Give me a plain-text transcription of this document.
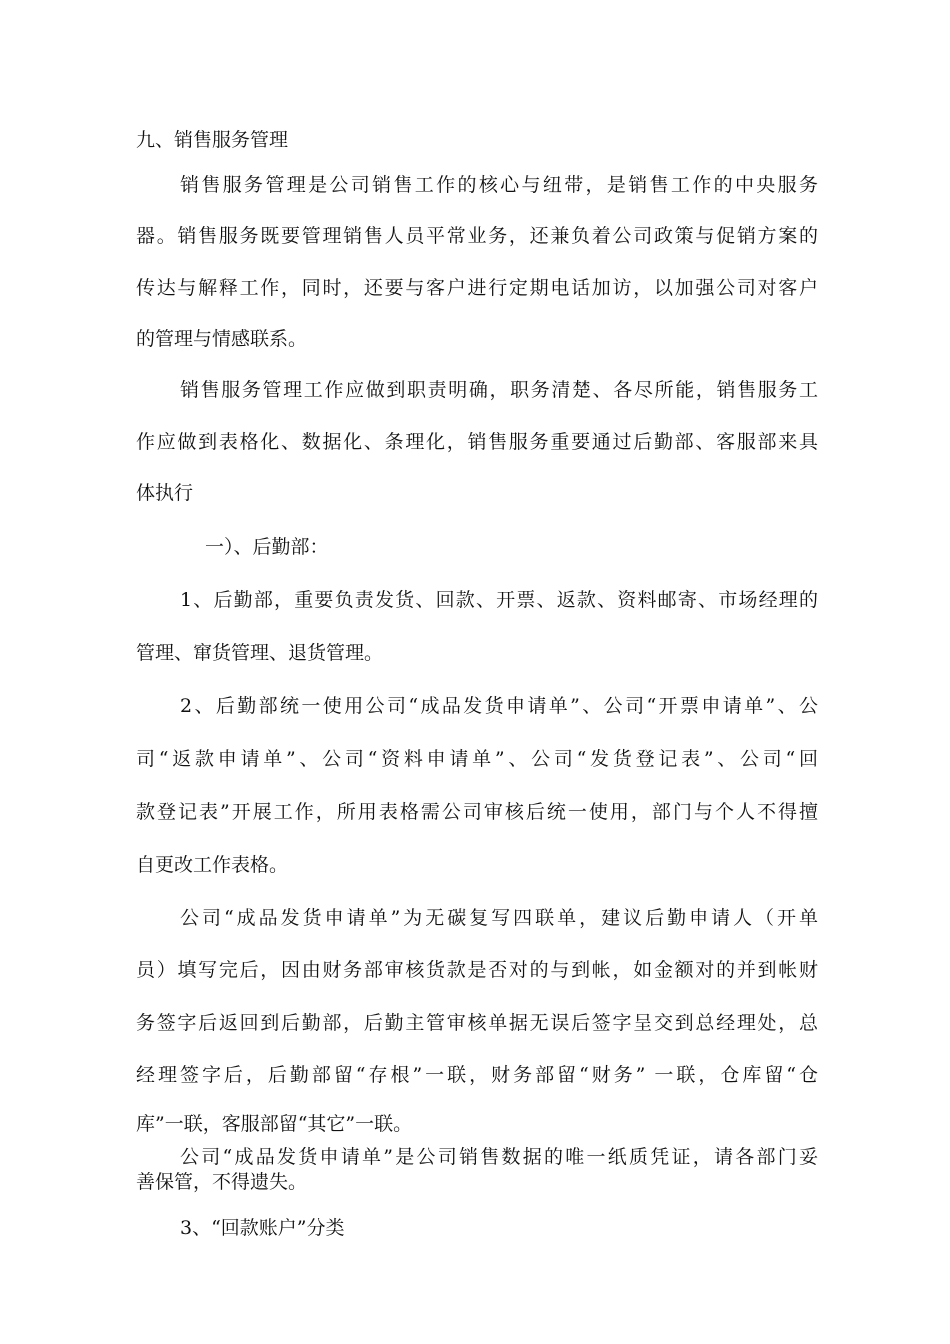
九、销售服务管理
销售服务管理是公司销售工作的核心与纽带，是销售工作的中央服务
器。销售服务既要管理销售人员平常业务，还兼负着公司政策与促销方案的
传达与解释工作，同时，还要与客户进行定期电话加访，以加强公司对客户
的管理与情感联系。
销售服务管理工作应做到职责明确，职务清楚、各尽所能，销售服务工
作应做到表格化、数据化、条理化，销售服务重要通过后勤部、客服部来具
体执行
一）、后勤部：
1、后勤部，重要负责发货、回款、开票、返款、资料邮寄、市场经理的
管理、窜货管理、退货管理。
2、后勤部统一使用公司“成品发货申请单”、公司“开票申请单”、公
司“返款申请单”、公司“资料申请单”、公司“发货登记表”、公司“回
款登记表”开展工作，所用表格需公司审核后统一使用，部门与个人不得擅
自更改工作表格。
公司“成品发货申请单”为无碳复写四联单，建议后勤申请人（开单
员）填写完后，因由财务部审核货款是否对的与到帐，如金额对的并到帐财
务签字后返回到后勤部，后勤主管审核单据无误后签字呈交到总经理处，总
经理签字后，后勤部留“存根”一联，财务部留“财务” 一联，仓库留“仓
库”一联，客服部留“其它”一联。
公司“成品发货申请单”是公司销售数据的唯一纸质凭证，请各部门妥
善保管，不得遗失。
3、“回款账户”分类
